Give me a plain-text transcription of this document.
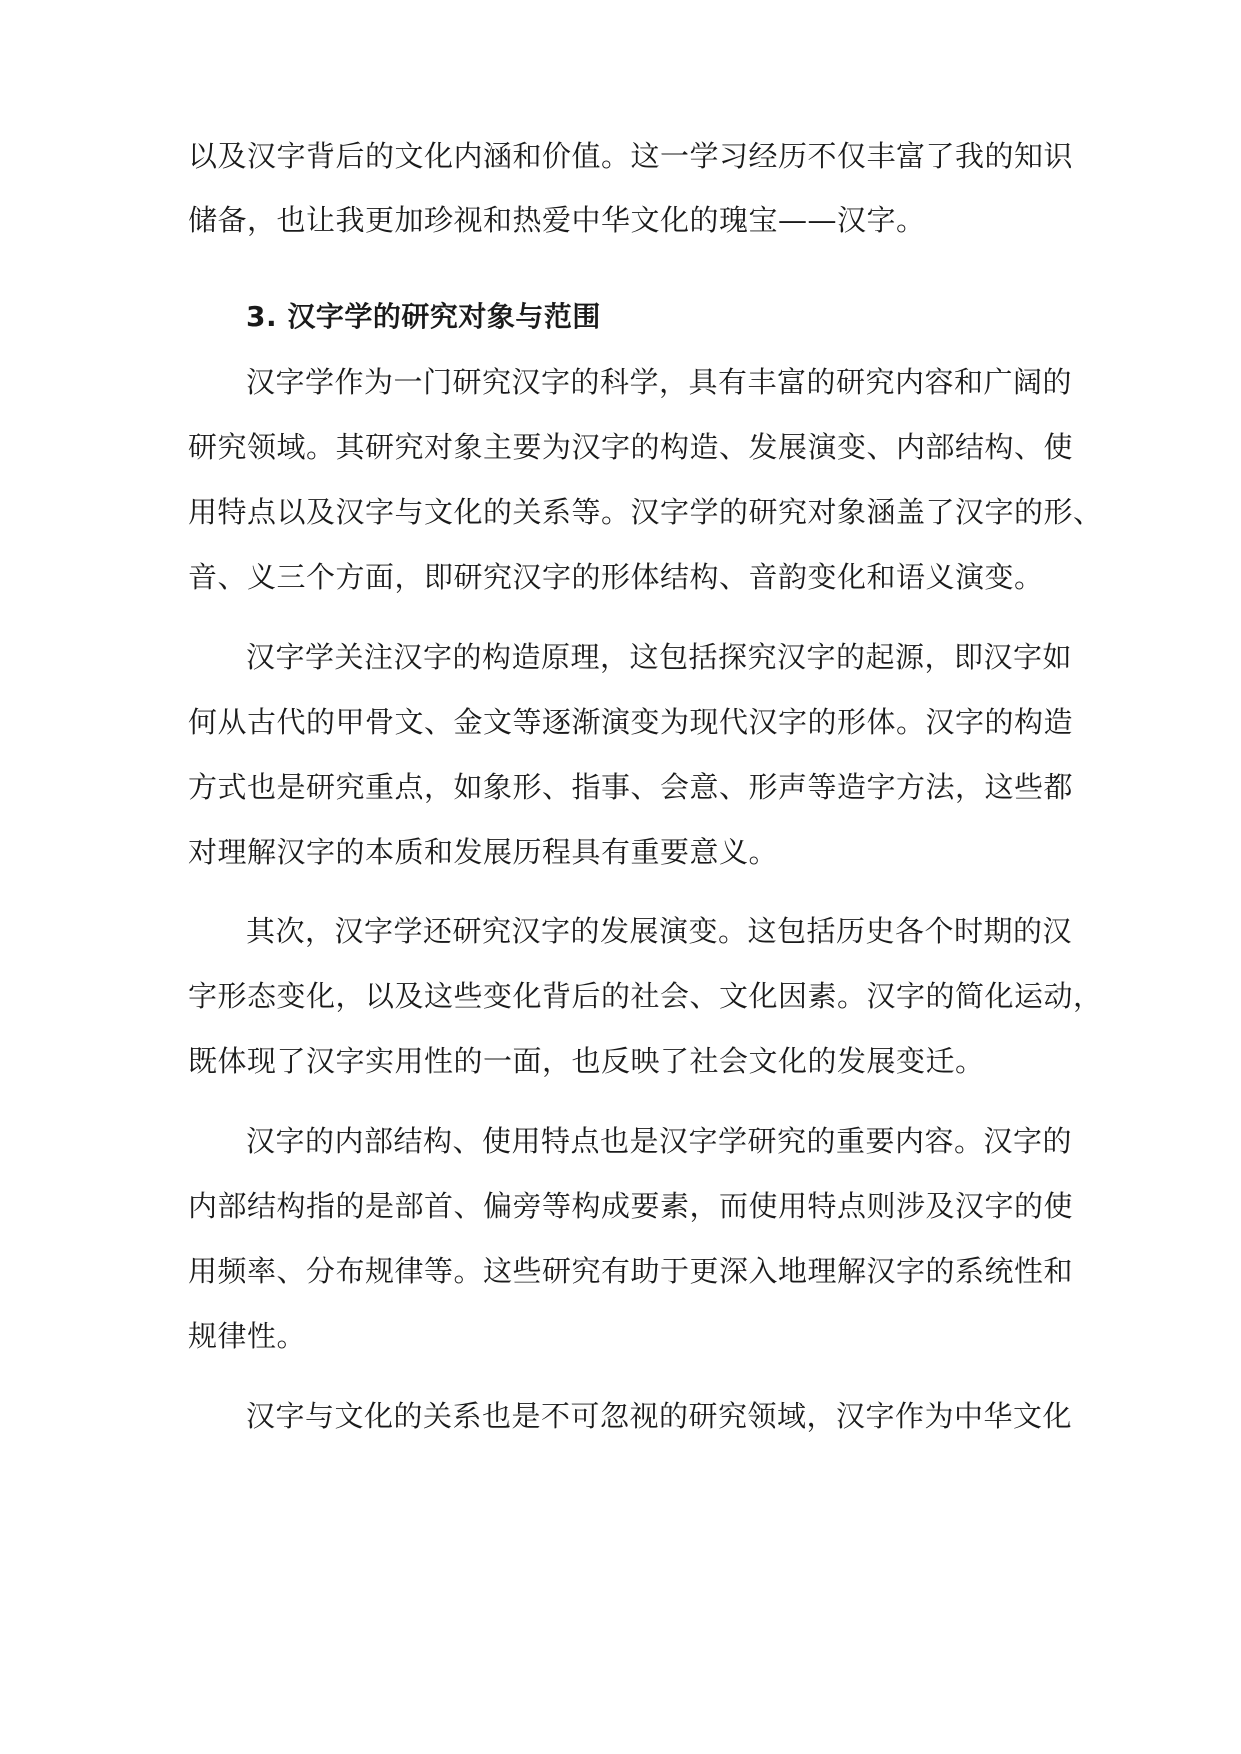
以及汉字背后的文化内涵和价值。这一学习经历不仅丰富了我的知识
储备，也让我更加珍视和热爱中华文化的瑰宝——汉字。
3. 汉字学的研究对象与范围
汉字学作为一门研究汉字的科学，具有丰富的研究内容和广阔的
研究领域。其研究对象主要为汉字的构造、发展演变、内部结构、使
用特点以及汉字与文化的关系等。汉字学的研究对象涵盖了汉字的形、
音、义三个方面，即研究汉字的形体结构、音韵变化和语义演变。
汉字学关注汉字的构造原理，这包括探究汉字的起源，即汉字如
何从古代的甲骨文、金文等逐渐演变为现代汉字的形体。汉字的构造
方式也是研究重点，如象形、指事、会意、形声等造字方法，这些都
对理解汉字的本质和发展历程具有重要意义。
其次，汉字学还研究汉字的发展演变。这包括历史各个时期的汉
字形态变化，以及这些变化背后的社会、文化因素。汉字的简化运动，
既体现了汉字实用性的一面，也反映了社会文化的发展变迁。
汉字的内部结构、使用特点也是汉字学研究的重要内容。汉字的
内部结构指的是部首、偏旁等构成要素，而使用特点则涉及汉字的使
用频率、分布规律等。这些研究有助于更深入地理解汉字的系统性和
规律性。
汉字与文化的关系也是不可忽视的研究领域，汉字作为中华文化
